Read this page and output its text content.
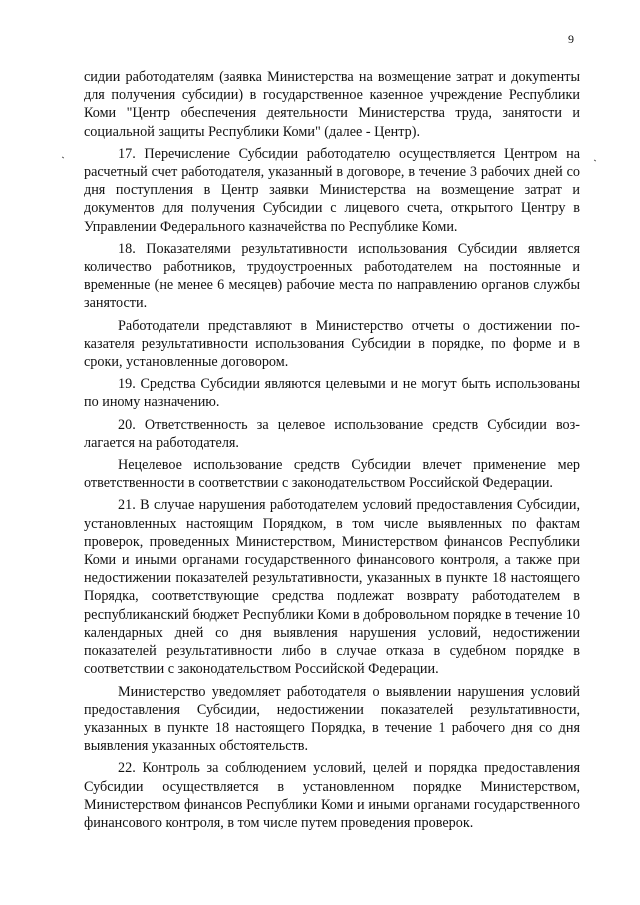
9

сидии работодателям (заявка Министерства на возмещение затрат и докуmенты для получения субсидии) в государственное казенное учреждение Республики Коми "Центр обеспечения деятельности Министерства труда, занятости и социальной защиты Республики Коми" (далее - Центр).

17. Перечисление Субсидии работодателю осуществляется Центром на расчетный счет работодателя, указанный в договоре, в течение 3 рабочих дней со дня поступления в Центр заявки Министерства на возмещение затрат и документов для получения Субсидии с лицевого счета, открытого Центру в Управлении Федерального казначейства по Республике Коми.

18. Показателями результативности использования Субсидии является количество работников, трудоустроенных работодателем на постоянные и временные (не менее 6 месяцев) рабочие места по направлению органов службы занятости.

Работодатели представляют в Министерство отчеты о достижении показателя результативности использования Субсидии в порядке, по форме и в сроки, установленные договором.

19. Средства Субсидии являются целевыми и не могут быть использованы по иному назначению.

20. Ответственность за целевое использование средств Субсидии возлагается на работодателя.

Нецелевое использование средств Субсидии влечет применение мер ответственности в соответствии с законодательством Российской Федерации.

21. В случае нарушения работодателем условий предоставления Субсидии, установленных настоящим Порядком, в том числе выявленных по фактам проверок, проведенных Министерством, Министерством финансов Республики Коми и иными органами государственного финансового контроля, а также при недостижении показателей результативности, указанных в пункте 18 настоящего Порядка, соответствующие средства подлежат возврату работодателем в республиканский бюджет Республики Коми в добровольном порядке в течение 10 календарных дней со дня выявления нарушения условий, недостижении показателей результативности либо в случае отказа в судебном порядке в соответствии с законодательством Российской Федерации.

Министерство уведомляет работодателя о выявлении нарушения условий предоставления Субсидии, недостижении показателей результативности, указанных в пункте 18 настоящего Порядка, в течение 1 рабочего дня со дня выявления указанных обстоятельств.

22. Контроль за соблюдением условий, целей и порядка предоставления Субсидии осуществляется в установленном порядке Министерством, Министерством финансов Республики Коми и иными органами государственного финансового контроля, в том числе путем проведения проверок.
